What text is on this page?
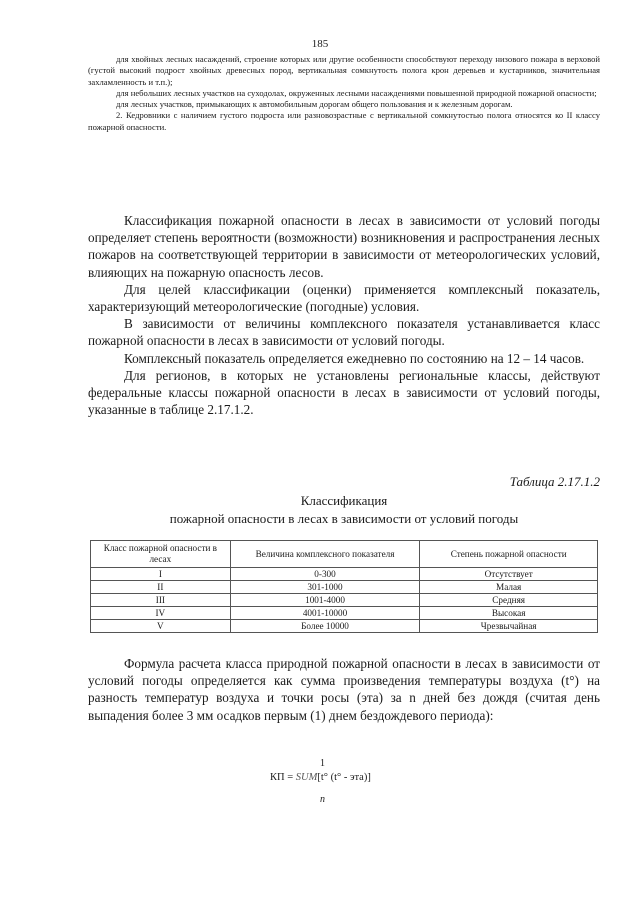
185

для хвойных лесных насаждений, строение которых или другие особенности способствуют переходу низового пожара в верховой (густой высокий подрост хвойных древесных пород, вертикальная сомкнутость полога крон деревьев и кустарников, значительная захламленность и т.п.);

для небольших лесных участков на суходолах, окруженных лесными насаждениями повышенной природной пожарной опасности;

для лесных участков, примыкающих к автомобильным дорогам общего пользования и к железным дорогам.

2. Кедровники с наличием густого подроста или разновозрастные с вертикальной сомкнутостью полога относятся ко II классу пожарной опасности.

Классификация пожарной опасности в лесах в зависимости от условий погоды определяет степень вероятности (возможности) возникновения и распространения лесных пожаров на соответствующей территории в зависимости от метеорологических условий, влияющих на пожарную опасность лесов.

Для целей классификации (оценки) применяется комплексный показатель, характеризующий метеорологические (погодные) условия.

В зависимости от величины комплексного показателя устанавливается класс пожарной опасности в лесах в зависимости от условий погоды.

Комплексный показатель определяется ежедневно по состоянию на 12 – 14 часов.

Для регионов, в которых не установлены региональные классы, действуют федеральные классы пожарной опасности в лесах в зависимости от условий погоды, указанные в таблице 2.17.1.2.

Таблица 2.17.1.2
Классификация
пожарной опасности в лесах в зависимости от условий погоды
Класс пожарной опасности в лесах	Величина комплексного показателя	Степень пожарной опасности
I	0-300	Отсутствует
II	301-1000	Малая
III	1001-4000	Средняя
IV	4001-10000	Высокая
V	Более 10000	Чрезвычайная

Формула расчета класса природной пожарной опасности в лесах в зависимости от условий погоды определяется как сумма произведения температуры воздуха (t°) на разность температур воздуха и точки росы (эта) за n дней без дождя (считая день выпадения более 3 мм осадков первым (1) днем бездождевого периода):

1
КП = SUM[t° (t° - эта)]
n
